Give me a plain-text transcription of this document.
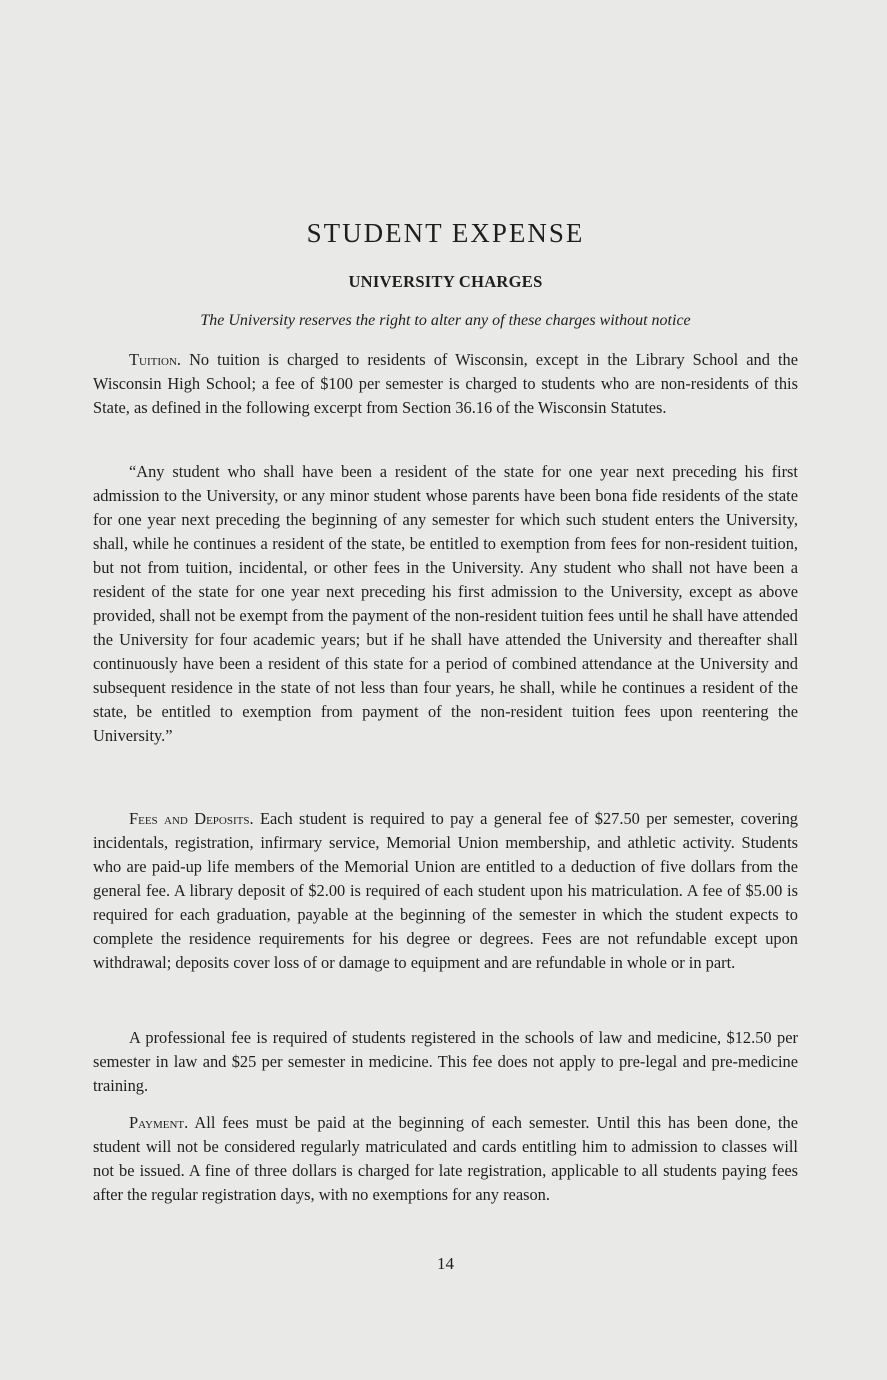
STUDENT EXPENSE
UNIVERSITY CHARGES

The University reserves the right to alter any of these charges without notice

Tuition. No tuition is charged to residents of Wisconsin, except in the Library School and the Wisconsin High School; a fee of $100 per semester is charged to students who are non-residents of this State, as defined in the following excerpt from Section 36.16 of the Wisconsin Statutes.

“Any student who shall have been a resident of the state for one year next preceding his first admission to the University, or any minor student whose parents have been bona fide residents of the state for one year next preceding the beginning of any semester for which such student enters the University, shall, while he continues a resident of the state, be entitled to exemption from fees for non-resident tuition, but not from tuition, incidental, or other fees in the University. Any student who shall not have been a resident of the state for one year next preceding his first admission to the University, except as above provided, shall not be exempt from the payment of the non-resident tuition fees until he shall have attended the University for four academic years; but if he shall have attended the University and thereafter shall continuously have been a resident of this state for a period of combined attendance at the University and subsequent residence in the state of not less than four years, he shall, while he continues a resident of the state, be entitled to exemption from payment of the non-resident tuition fees upon reentering the University.”

Fees and Deposits. Each student is required to pay a general fee of $27.50 per semester, covering incidentals, registration, infirmary service, Memorial Union membership, and athletic activity. Students who are paid-up life members of the Memorial Union are entitled to a deduction of five dollars from the general fee. A library deposit of $2.00 is required of each student upon his matriculation. A fee of $5.00 is required for each graduation, payable at the beginning of the semester in which the student expects to complete the residence requirements for his degree or degrees. Fees are not refundable except upon withdrawal; deposits cover loss of or damage to equipment and are refundable in whole or in part.

A professional fee is required of students registered in the schools of law and medicine, $12.50 per semester in law and $25 per semester in medicine. This fee does not apply to pre-legal and pre-medicine training.

Payment. All fees must be paid at the beginning of each semester. Until this has been done, the student will not be considered regularly matriculated and cards entitling him to admission to classes will not be issued. A fine of three dollars is charged for late registration, applicable to all students paying fees after the regular registration days, with no exemptions for any reason.

14
